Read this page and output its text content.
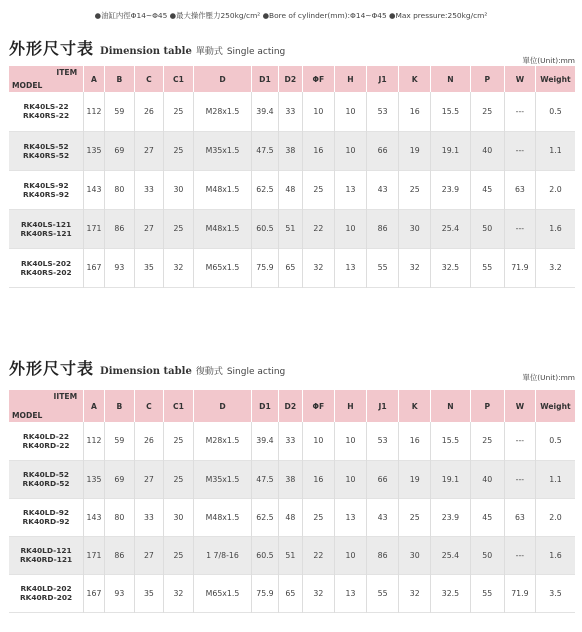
●油缸内徑Φ14~Φ45 ●最大操作壓力250kg/cm² ●Bore of cylinder(mm):Φ14~Φ45 ●Max pressure:250kg/cm²
外形尺寸表 Dimension table 單動式 Single acting
單位(Unit):mm
ITEM
MODEL	A	B	C	C1	D	D1	D2	ΦF	H	J1	K	N	P	W	Weight

RK40LS-22
RK40RS-22	112	59	26	25	M28x1.5	39.4	33	10	10	53	16	15.5	25	---	0.5

RK40LS-52
RK40RS-52	135	69	27	25	M35x1.5	47.5	38	16	10	66	19	19.1	40	---	1.1

RK40LS-92
RK40RS-92	143	80	33	30	M48x1.5	62.5	48	25	13	43	25	23.9	45	63	2.0

RK40LS-121
RK40RS-121	171	86	27	25	M48x1.5	60.5	51	22	10	86	30	25.4	50	---	1.6

RK40LS-202
RK40RS-202	167	93	35	32	M65x1.5	75.9	65	32	13	55	32	32.5	55	71.9	3.2
外形尺寸表 Dimension table 復動式 Single acting
單位(Unit):mm
IITEM
MODEL	A	B	C	C1	D	D1	D2	ΦF	H	J1	K	N	P	W	Weight

RK40LD-22
RK40RD-22	112	59	26	25	M28x1.5	39.4	33	10	10	53	16	15.5	25	---	0.5

RK40LD-52
RK40RD-52	135	69	27	25	M35x1.5	47.5	38	16	10	66	19	19.1	40	---	1.1

RK40LD-92
RK40RD-92	143	80	33	30	M48x1.5	62.5	48	25	13	43	25	23.9	45	63	2.0

RK40LD-121
RK40RD-121	171	86	27	25	1 7/8-16	60.5	51	22	10	86	30	25.4	50	---	1.6

RK40LD-202
RK40RD-202	167	93	35	32	M65x1.5	75.9	65	32	13	55	32	32.5	55	71.9	3.5
